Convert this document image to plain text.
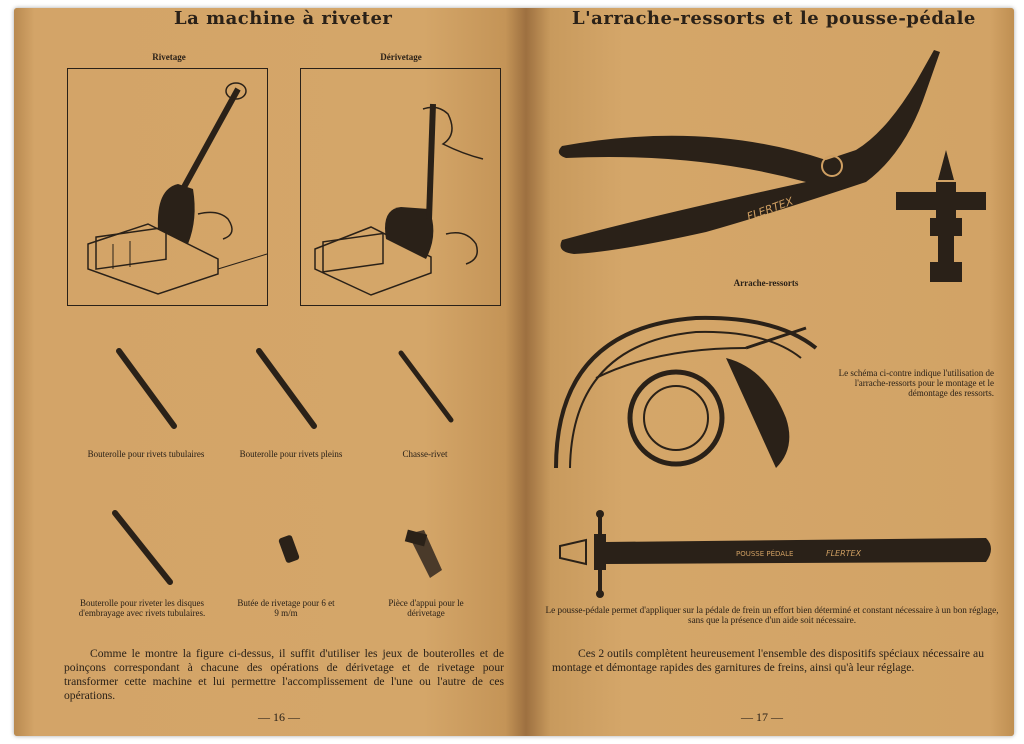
La machine à riveter
Rivetage	Dérivetage
Bouterolle pour rivets tubulaires	Bouterolle pour rivets pleins	Chasse-rivet
Bouterolle pour riveter les disques d'embrayage avec rivets tubulaires.
Butée de rivetage pour 6 et 9 m/m
Pièce d'appui pour le dérivetage
Comme le montre la figure ci-dessus, il suffit d'utiliser les jeux de bouterolles et de poinçons correspondant à chacune des opérations de dérivetage et de rivetage pour transformer cette machine et lui permettre l'accomplissement de l'une ou l'autre de ces opérations.
— 16 —
L'arrache-ressorts et le pousse-pédale
FLERTEX
Arrache-ressorts
Le schéma ci-contre indique l'utilisation de l'arrache-ressorts pour le montage et le démontage des ressorts.
POUSSE PÉDALE	FLERTEX
Le pousse-pédale permet d'appliquer sur la pédale de frein un effort bien déterminé et constant nécessaire à un bon réglage, sans que la présence d'un aide soit nécessaire.
Ces 2 outils complètent heureusement l'ensemble des dispositifs spéciaux nécessaire au montage et démontage rapides des garnitures de freins, ainsi qu'à leur réglage.
— 17 —
